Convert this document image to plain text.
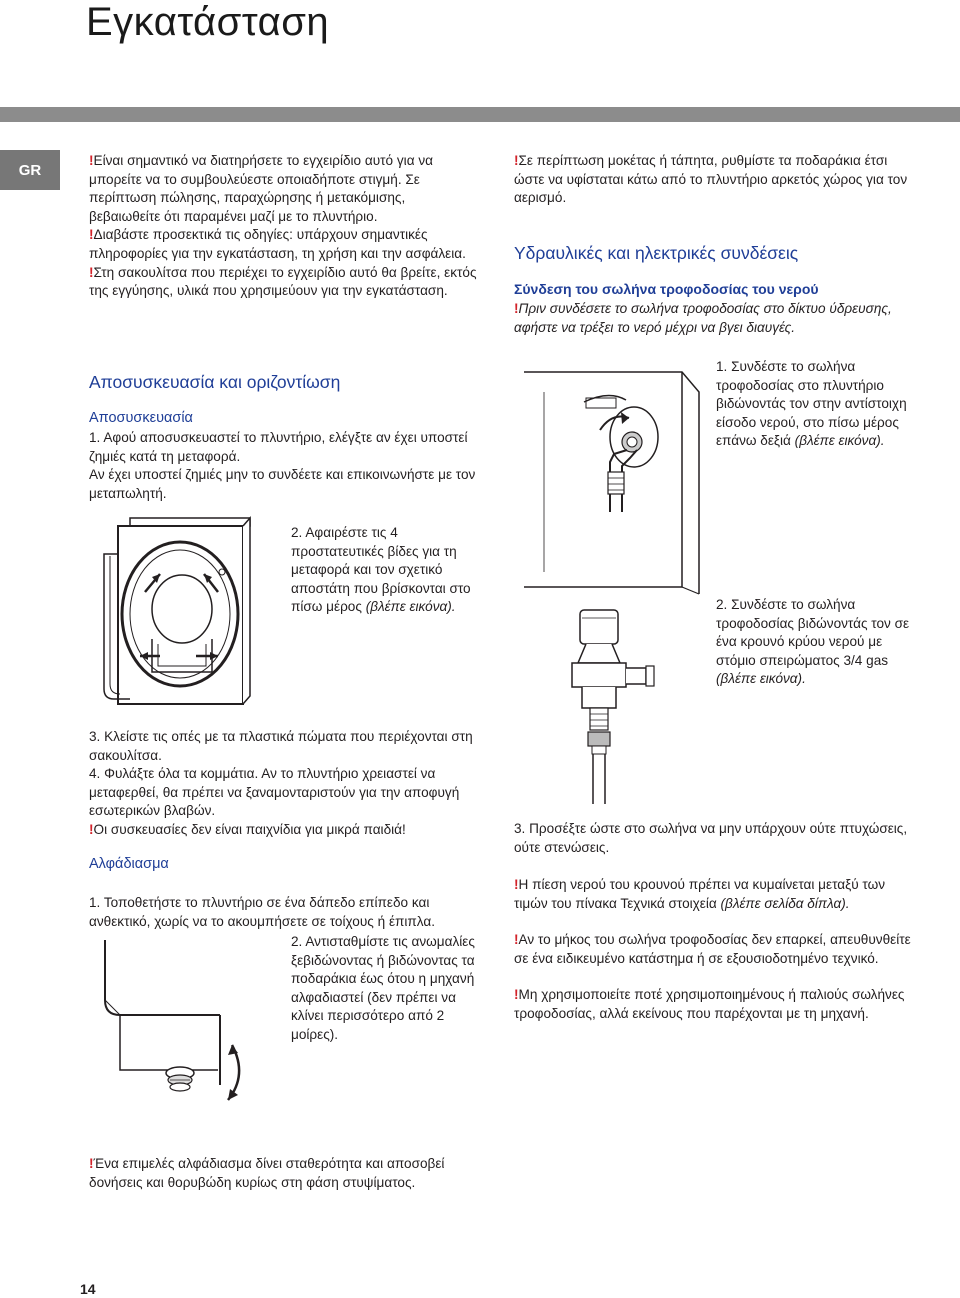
Εγκατάσταση
GR

!Είναι σημαντικό να διατηρήσετε το εγχειρίδιο αυτό για να μπορείτε να το συμβουλεύεστε οποιαδήποτε στιγμή. Σε περίπτωση πώλησης, παραχώρησης ή μετακόμισης, βεβαιωθείτε ότι παραμένει μαζί με το πλυντήριο.

!Διαβάστε προσεκτικά τις οδηγίες: υπάρχουν σημαντικές πληροφορίες για την εγκατάσταση, τη χρήση και την ασφάλεια.

!Στη σακουλίτσα που περιέχει το εγχειρίδιο αυτό θα βρείτε, εκτός της εγγύησης, υλικά που χρησιμεύουν για την εγκατάσταση.

Αποσυσκευασία και οριζοντίωση
Αποσυσκευασία

1. Αφού αποσυσκευαστεί το πλυντήριο, ελέγξτε αν έχει υποστεί ζημιές κατά τη μεταφορά.

Αν έχει υποστεί ζημιές μην το συνδέετε και επικοινωνήστε με τον μεταπωλητή.

2. Αφαιρέστε τις 4 προστατευτικές βίδες για τη μεταφορά και τον σχετικό αποστάτη που βρίσκονται στο πίσω μέρος (βλέπε εικόνα).

3. Κλείστε τις οπές με τα πλαστικά πώματα που περιέχονται στη σακουλίτσα.

4. Φυλάξτε όλα τα κομμάτια. Αν το πλυντήριο χρειαστεί να μεταφερθεί, θα πρέπει να ξαναμονταριστούν για την αποφυγή εσωτερικών βλαβών.

!Οι συσκευασίες δεν είναι παιχνίδια για μικρά παιδιά!

Αλφάδιασμα
1. Τοποθετήστε το πλυντήριο σε ένα δάπεδο επίπεδο και ανθεκτικό, χωρίς να το ακουμπήσετε σε τοίχους ή έπιπλα.
2. Αντισταθμίστε τις ανωμαλίες ξεβιδώνοντας ή βιδώνοντας τα ποδαράκια έως ότου η μηχανή αλφαδιαστεί (δεν πρέπει να κλίνει περισσότερο από 2 μοίρες).
!Ένα επιμελές αλφάδιασμα δίνει σταθερότητα και αποσοβεί δονήσεις και θορυβώδη κυρίως στη φάση στυψίματος.
!Σε περίπτωση μοκέτας ή τάπητα, ρυθμίστε τα ποδαράκια έτσι ώστε να υφίσταται κάτω από το πλυντήριο αρκετός χώρος για τον αερισμό.
Υδραυλικές και ηλεκτρικές συνδέσεις
Σύνδεση του σωλήνα τροφοδοσίας του νερού
!Πριν συνδέσετε το σωλήνα τροφοδοσίας στο δίκτυο ύδρευσης, αφήστε να τρέξει το νερό μέχρι να βγει διαυγές.
1. Συνδέστε το σωλήνα τροφοδοσίας στο πλυντήριο βιδώνοντάς τον στην αντίστοιχη είσοδο νερού, στο πίσω μέρος επάνω δεξιά (βλέπε εικόνα).
2. Συνδέστε το σωλήνα τροφοδοσίας βιδώνοντάς τον σε ένα κρουνό κρύου νερού με στόμιο σπειρώματος 3/4 gas (βλέπε εικόνα).
3. Προσέξτε ώστε στο σωλήνα να μην υπάρχουν ούτε πτυχώσεις, ούτε στενώσεις.

!Η πίεση νερού του κρουνού πρέπει να κυμαίνεται μεταξύ των τιμών του πίνακα Τεχνικά στοιχεία (βλέπε σελίδα δίπλα).

!Αν το μήκος του σωλήνα τροφοδοσίας δεν επαρκεί, απευθυνθείτε σε ένα ειδικευμένο κατάστημα ή σε εξουσιοδοτημένο τεχνικό.

!Μη χρησιμοποιείτε ποτέ χρησιμοποιημένους ή παλιούς σωλήνες τροφοδοσίας, αλλά εκείνους που παρέχονται με τη μηχανή.

14
